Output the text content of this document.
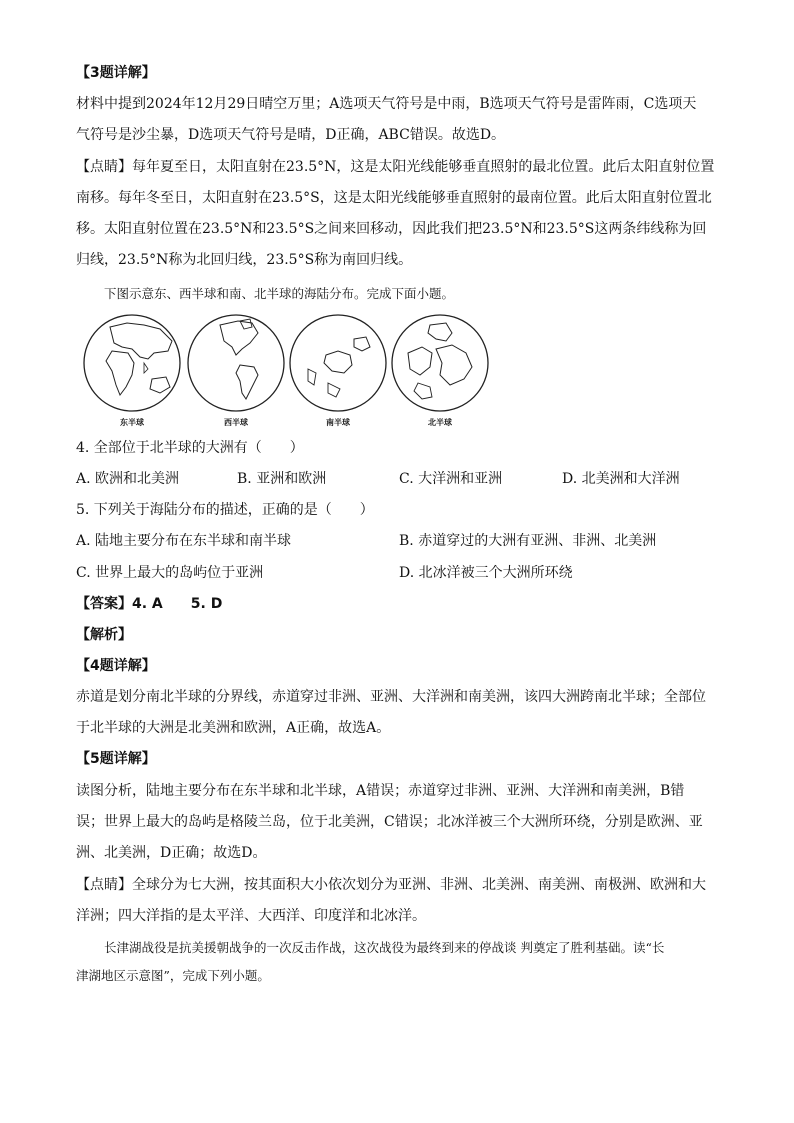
【3题详解】
材料中提到2024年12月29日晴空万里；A选项天气符号是中雨，B选项天气符号是雷阵雨，C选项天
气符号是沙尘暴，D选项天气符号是晴，D正确，ABC错误。故选D。
【点睛】每年夏至日，太阳直射在23.5°N，这是太阳光线能够垂直照射的最北位置。此后太阳直射位置
南移。每年冬至日，太阳直射在23.5°S，这是太阳光线能够垂直照射的最南位置。此后太阳直射位置北
移。太阳直射位置在23.5°N和23.5°S之间来回移动，因此我们把23.5°N和23.5°S这两条纬线称为回
归线，23.5°N称为北回归线，23.5°S称为南回归线。
下图示意东、西半球和南、北半球的海陆分布。完成下面小题。
东半球	西半球	南半球	北半球
4. 全部位于北半球的大洲有（　　）
A. 欧洲和北美洲	B. 亚洲和欧洲	C. 大洋洲和亚洲	D. 北美洲和大洋洲
5. 下列关于海陆分布的描述，正确的是（　　）
A. 陆地主要分布在东半球和南半球	B. 赤道穿过的大洲有亚洲、非洲、北美洲
C. 世界上最大的岛屿位于亚洲	D. 北冰洋被三个大洲所环绕
【答案】4. A　　5. D
【解析】
【4题详解】
赤道是划分南北半球的分界线，赤道穿过非洲、亚洲、大洋洲和南美洲，该四大洲跨南北半球；全部位
于北半球的大洲是北美洲和欧洲，A正确，故选A。
【5题详解】
读图分析，陆地主要分布在东半球和北半球，A错误；赤道穿过非洲、亚洲、大洋洲和南美洲，B错
误；世界上最大的岛屿是格陵兰岛，位于北美洲，C错误；北冰洋被三个大洲所环绕，分别是欧洲、亚
洲、北美洲，D正确；故选D。
【点睛】全球分为七大洲，按其面积大小依次划分为亚洲、非洲、北美洲、南美洲、南极洲、欧洲和大
洋洲；四大洋指的是太平洋、大西洋、印度洋和北冰洋。
长津湖战役是抗美援朝战争的一次反击作战，这次战役为最终到来的停战谈 判奠定了胜利基础。读“长
津湖地区示意图”，完成下列小题。
